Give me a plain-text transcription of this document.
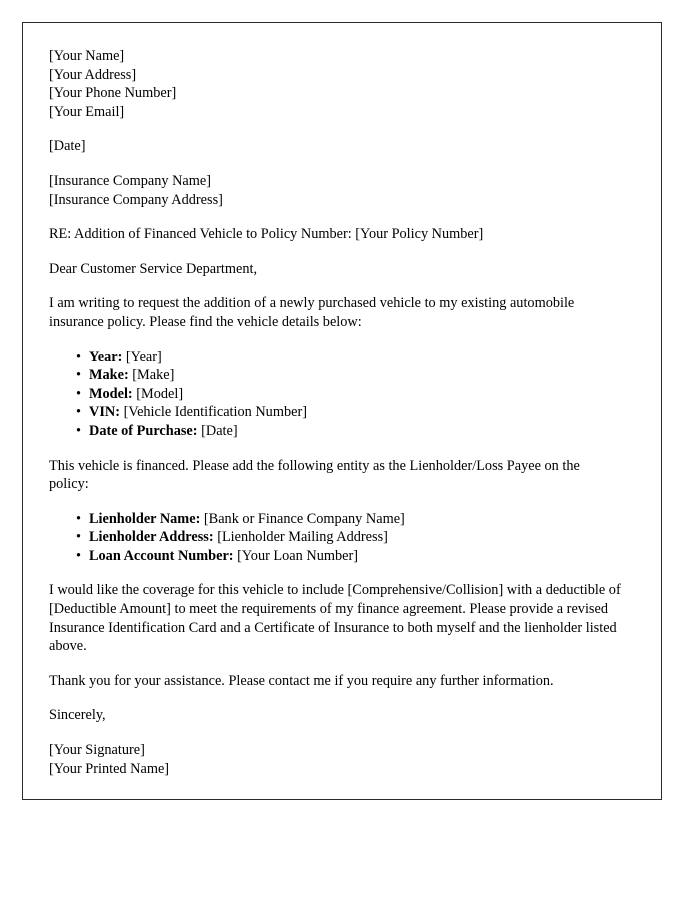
[Your Name]
[Your Address]
[Your Phone Number]
[Your Email]
[Date]
[Insurance Company Name]
[Insurance Company Address]

RE: Addition of Financed Vehicle to Policy Number: [Your Policy Number]

Dear Customer Service Department,

I am writing to request the addition of a newly purchased vehicle to my existing automobile insurance policy. Please find the vehicle details below:

• Year: [Year]
• Make: [Make]
• Model: [Model]
• VIN: [Vehicle Identification Number]
• Date of Purchase: [Date]

This vehicle is financed. Please add the following entity as the Lienholder/Loss Payee on the policy:

• Lienholder Name: [Bank or Finance Company Name]
• Lienholder Address: [Lienholder Mailing Address]
• Loan Account Number: [Your Loan Number]

I would like the coverage for this vehicle to include [Comprehensive/Collision] with a deductible of [Deductible Amount] to meet the requirements of my finance agreement. Please provide a revised Insurance Identification Card and a Certificate of Insurance to both myself and the lienholder listed above.

Thank you for your assistance. Please contact me if you require any further information.

Sincerely,

[Your Signature]
[Your Printed Name]
